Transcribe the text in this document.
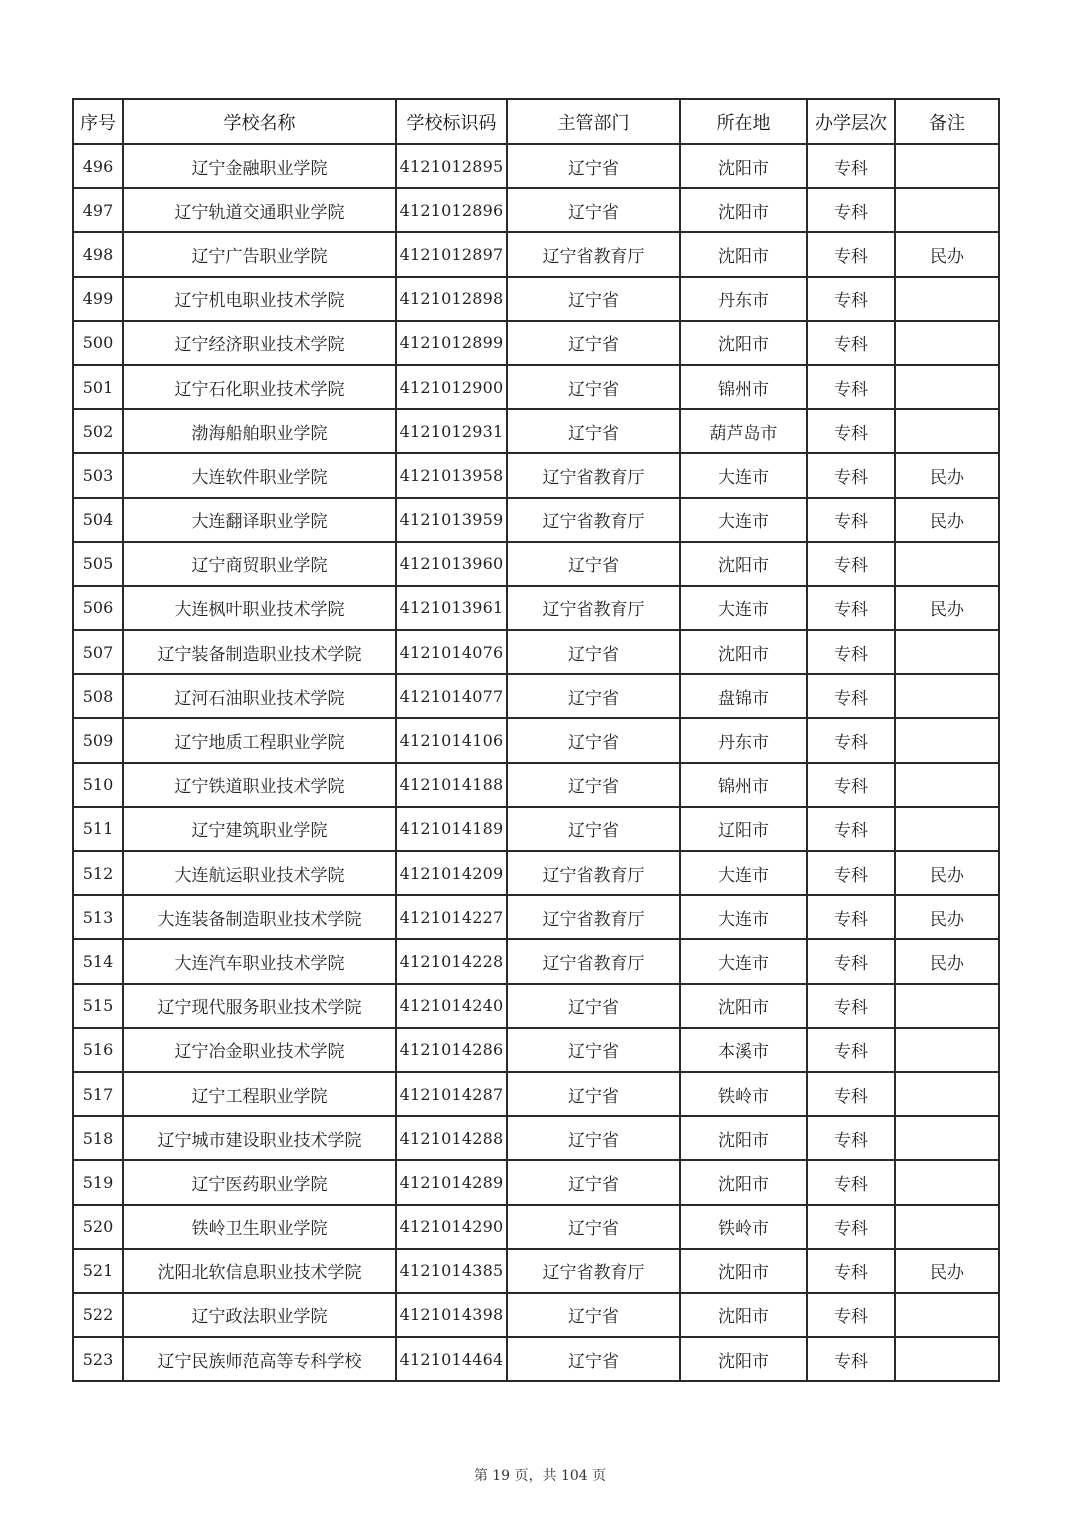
序号	学校名称	学校标识码	主管部门	所在地	办学层次	备注
496	辽宁金融职业学院	4121012895	辽宁省	沈阳市	专科	
497	辽宁轨道交通职业学院	4121012896	辽宁省	沈阳市	专科	
498	辽宁广告职业学院	4121012897	辽宁省教育厅	沈阳市	专科	民办
499	辽宁机电职业技术学院	4121012898	辽宁省	丹东市	专科	
500	辽宁经济职业技术学院	4121012899	辽宁省	沈阳市	专科	
501	辽宁石化职业技术学院	4121012900	辽宁省	锦州市	专科	
502	渤海船舶职业学院	4121012931	辽宁省	葫芦岛市	专科	
503	大连软件职业学院	4121013958	辽宁省教育厅	大连市	专科	民办
504	大连翻译职业学院	4121013959	辽宁省教育厅	大连市	专科	民办
505	辽宁商贸职业学院	4121013960	辽宁省	沈阳市	专科	
506	大连枫叶职业技术学院	4121013961	辽宁省教育厅	大连市	专科	民办
507	辽宁装备制造职业技术学院	4121014076	辽宁省	沈阳市	专科	
508	辽河石油职业技术学院	4121014077	辽宁省	盘锦市	专科	
509	辽宁地质工程职业学院	4121014106	辽宁省	丹东市	专科	
510	辽宁铁道职业技术学院	4121014188	辽宁省	锦州市	专科	
511	辽宁建筑职业学院	4121014189	辽宁省	辽阳市	专科	
512	大连航运职业技术学院	4121014209	辽宁省教育厅	大连市	专科	民办
513	大连装备制造职业技术学院	4121014227	辽宁省教育厅	大连市	专科	民办
514	大连汽车职业技术学院	4121014228	辽宁省教育厅	大连市	专科	民办
515	辽宁现代服务职业技术学院	4121014240	辽宁省	沈阳市	专科	
516	辽宁冶金职业技术学院	4121014286	辽宁省	本溪市	专科	
517	辽宁工程职业学院	4121014287	辽宁省	铁岭市	专科	
518	辽宁城市建设职业技术学院	4121014288	辽宁省	沈阳市	专科	
519	辽宁医药职业学院	4121014289	辽宁省	沈阳市	专科	
520	铁岭卫生职业学院	4121014290	辽宁省	铁岭市	专科	
521	沈阳北软信息职业技术学院	4121014385	辽宁省教育厅	沈阳市	专科	民办
522	辽宁政法职业学院	4121014398	辽宁省	沈阳市	专科	
523	辽宁民族师范高等专科学校	4121014464	辽宁省	沈阳市	专科	
第 19 页，共 104 页
